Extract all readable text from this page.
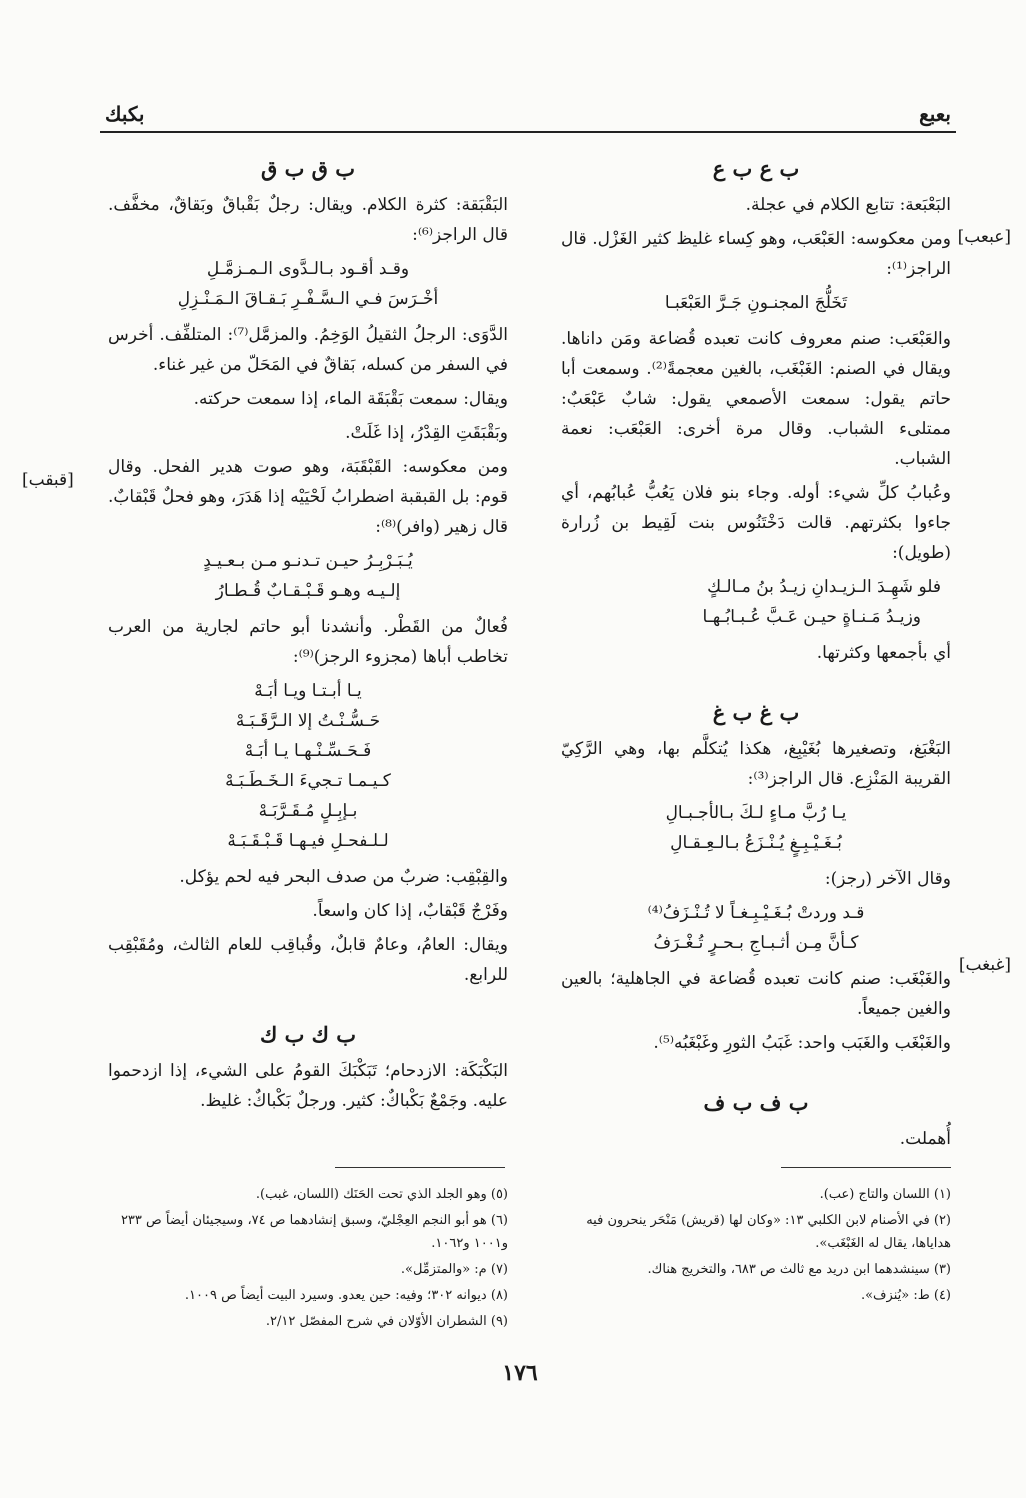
بعبع
بكبك
[عبعب]
[قبقب]
[غبغب]
ب ع ب ع

البَعْبَعة: تتابع الكلام في عجلة.

ومن معكوسه: العَبْعَب، وهو كِساء غليظ كثير الغَزْل. قال الراجز⁽¹⁾:

تَخَلُّجَ المجنـونِ جَـرَّ العَبْعَبـا

والعَبْعَب: صنم معروف كانت تعبده قُضاعة ومَن داناها. ويقال في الصنم: الغَبْغَب، بالغين معجمةً⁽²⁾. وسمعت أبا حاتم يقول: سمعت الأصمعي يقول: شابٌ عَبْعَبٌ: ممتلىء الشباب. وقال مرة أخرى: العَبْعَب: نعمة الشباب.

وعُبابُ كلِّ شيء: أوله. وجاء بنو فلان يَعُبُّ عُبابُهم، أي جاءوا بكثرتهم. قالت دَخْتَنُوس بنت لَقِيط بن زُرارة (طويل):

فلو شَهِـدَ الـزيـدانِ زيـدُ بنُ مـالـكٍ
وزيـدُ مَـنـاةٍ حيـن عَـبَّ عُـبـابُـهـا

أي بأجمعها وكثرتها.

ب غ ب غ

البَغْبَغ، وتصغيرها بُغَيْبِغ، هكذا يُتكلَّم بها، وهي الرَّكِيّ القريبة المَنْزِع. قال الراجز⁽³⁾:

يـا رُبَّ مـاءٍ لـكَ بـالأجـبـالِ
بُـغَـيْـبِـغٍ يُـنْـزَعُ بـالـعِـقـالِ

وقال الآخر (رجز):

قـد وردتْ بُـغَـيْـبِـغـاً لا تُـنْـزَفُ⁽⁴⁾
كـأنَّ مِـن أثـبـاجِ بـحـرٍ تُـغْـرَفُ

والغَبْغَب: صنم كانت تعبده قُضاعة في الجاهلية؛ بالعين والغين جميعاً.

والغَبْغَب والغَبَب واحد: غَبَبُ الثورِ وغَبْغَبُه⁽⁵⁾.

ب ف ب ف

أُهملت.

ب ق ب ق

البَقْبَقة: كثرة الكلام. ويقال: رجلٌ بَقْباقٌ وبَقاقٌ، مخفَّف. قال الراجز⁽⁶⁾:

وقـد أقـود بـالـدَّوى الـمـزمَّـلِ
أخْـرَسَ فـي الـسَّـفْـرِ بَـقـاقَ الـمَـنْـزِلِ

الدَّوَى: الرجلُ الثقيلُ الوَخِمُ. والمزمَّل⁽⁷⁾: المتلفِّف. أخرس في السفر من كسله، بَقاقٌ في المَحَلّ من غير غناء.

ويقال: سمعت بَقْبَقَة الماء، إذا سمعت حركته.

وبَقْبَقَتِ القِدْرُ، إذا غَلَتْ.

ومن معكوسه: القَبْقَبَة، وهو صوت هدير الفحل. وقال قوم: بل القبقبة اضطرابُ لَحْيَيْه إذا هَدَرَ، وهو فحلٌ قَبْقابٌ. قال زهير (وافر)⁽⁸⁾:

يُـبَـرْبِـرُ حيـن تـدنـو مـن بـعـيـدٍ
إلـيـه وهـو قَـبْـقـابٌ قُـطـارُ

فُعالٌ من القَطْر. وأنشدنا أبو حاتم لجارية من العرب تخاطب أباها (مجزوء الرجز)⁽⁹⁾:

يـا أبـتـا ويـا أبَـهْ
حَـسُّـنْـتُ إلا الـرَّقَـبَـهْ
فَـحَـسِّـنْـهـا يـا أبَـهْ
كـيـمـا تـجيءَ الـخَـطَـبَـهْ
بـإبِـلٍ مُـقَـرَّبَـهْ
لـلـفحـلِ فيـهـا قَـبْـقَـبَـهْ

والقِبْقِب: ضربٌ من صدف البحر فيه لحم يؤكل.

وفَرْجٌ قَبْقابٌ، إذا كان واسعاً.

ويقال: العامُ، وعامٌ قابلٌ، وقُباقِب للعام الثالث، ومُقَبْقِب للرابع.

ب ك ب ك

البَكْبَكَة: الازدحام؛ تَبَكْبَكَ القومُ على الشيء، إذا ازدحموا عليه. وجَمْعٌ بَكْباكٌ: كثير. ورجلٌ بَكْباكٌ: غليظ.

(١) اللسان والتاج (عب).

(٢) في الأصنام لابن الكلبي ١٣: «وكان لها (قريش) مَنْحَر ينحرون فيه هداياها، يقال له الغَبْغَب».

(٣) سينشدهما ابن دريد مع ثالث ص ٦٨٣، والتخريج هناك.

(٤) ط: «يُنزف».

(٥) وهو الجلد الذي تحت الحَنَك (اللسان، غبب).

(٦) هو أبو النجم العِجْليّ، وسبق إنشادهما ص ٧٤، وسيجيئان أيضاً ص ٢٣٣ و١٠٠١ و١٠٦٢.

(٧) م: «والمتزمِّل».

(٨) ديوانه ٣٠٢؛ وفيه: حين يعدو. وسيرد البيت أيضاً ص ١٠٠٩.

(٩) الشطران الأوّلان في شرح المفصّل ٢/١٢.

١٧٦
